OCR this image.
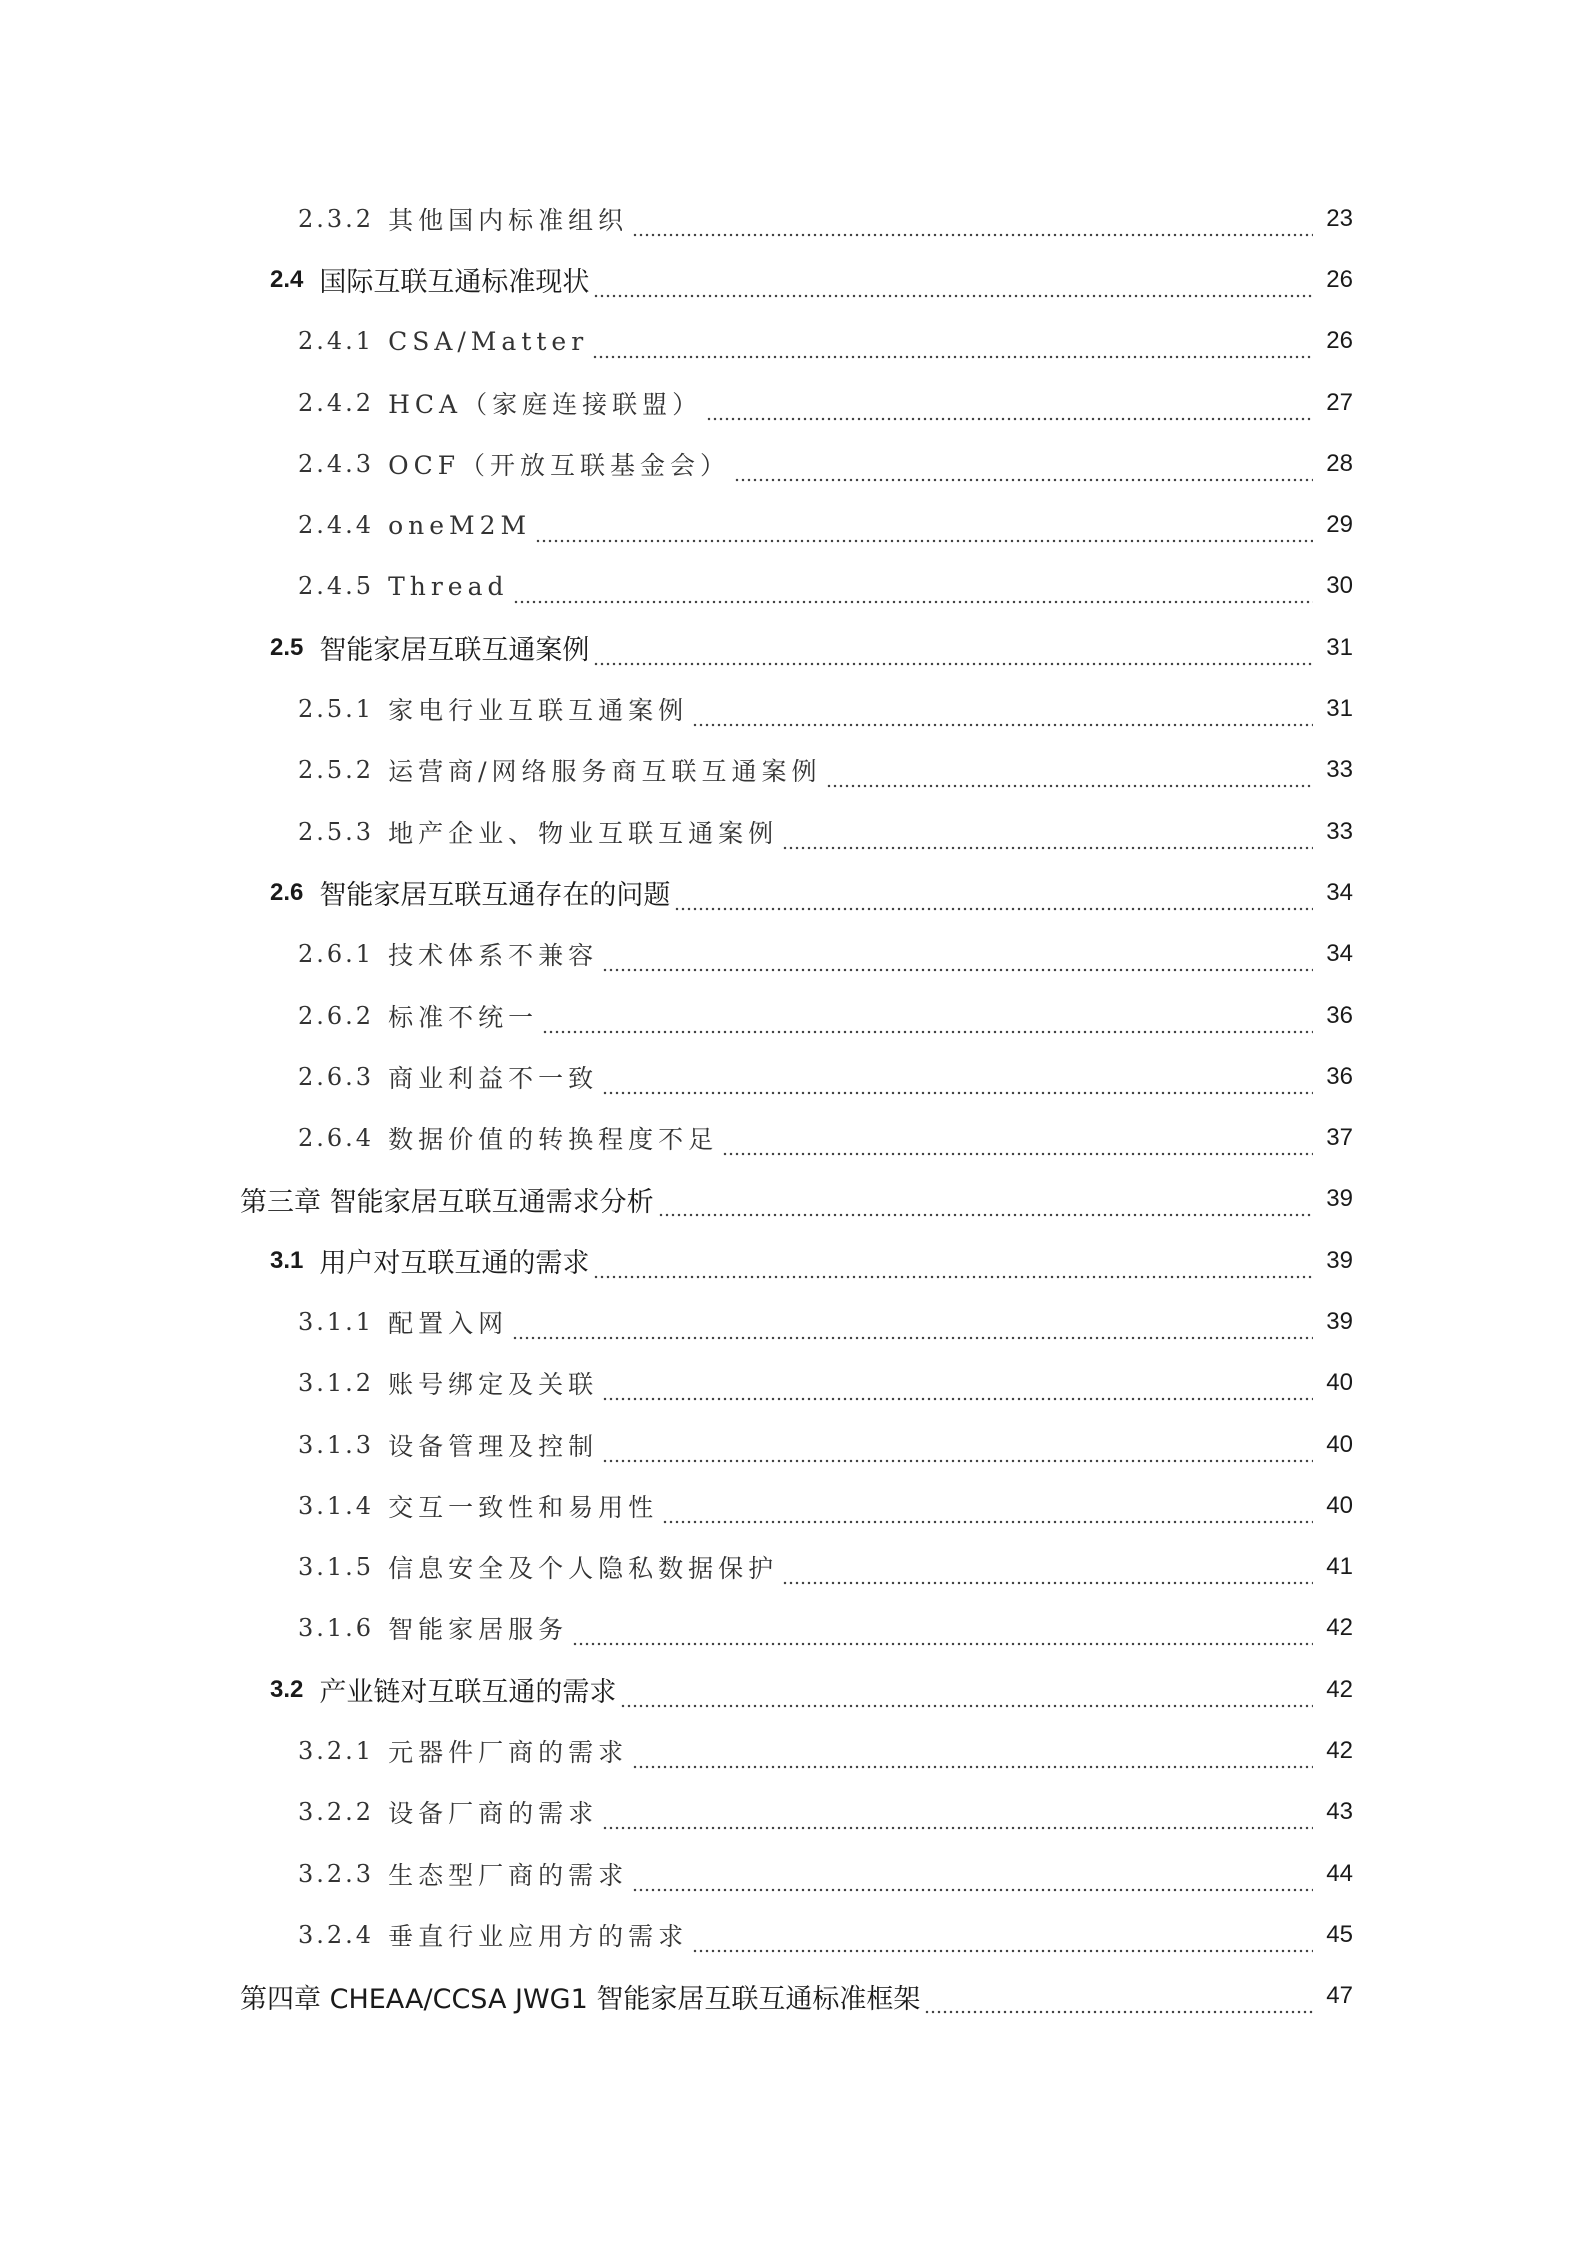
2.3.2 其他国内标准组织	23
2.4 国际互联互通标准现状	26
2.4.1 CSA/Matter	26
2.4.2 HCA（家庭连接联盟）	27
2.4.3 OCF（开放互联基金会）	28
2.4.4 oneM2M	29
2.4.5 Thread	30
2.5 智能家居互联互通案例	31
2.5.1 家电行业互联互通案例	31
2.5.2 运营商/网络服务商互联互通案例	33
2.5.3 地产企业、物业互联互通案例	33
2.6 智能家居互联互通存在的问题	34
2.6.1 技术体系不兼容	34
2.6.2 标准不统一	36
2.6.3 商业利益不一致	36
2.6.4 数据价值的转换程度不足	37
第三章 智能家居互联互通需求分析	39
3.1 用户对互联互通的需求	39
3.1.1 配置入网	39
3.1.2 账号绑定及关联	40
3.1.3 设备管理及控制	40
3.1.4 交互一致性和易用性	40
3.1.5 信息安全及个人隐私数据保护	41
3.1.6 智能家居服务	42
3.2 产业链对互联互通的需求	42
3.2.1 元器件厂商的需求	42
3.2.2 设备厂商的需求	43
3.2.3 生态型厂商的需求	44
3.2.4 垂直行业应用方的需求	45
第四章 CHEAA/CCSA JWG1 智能家居互联互通标准框架	47
